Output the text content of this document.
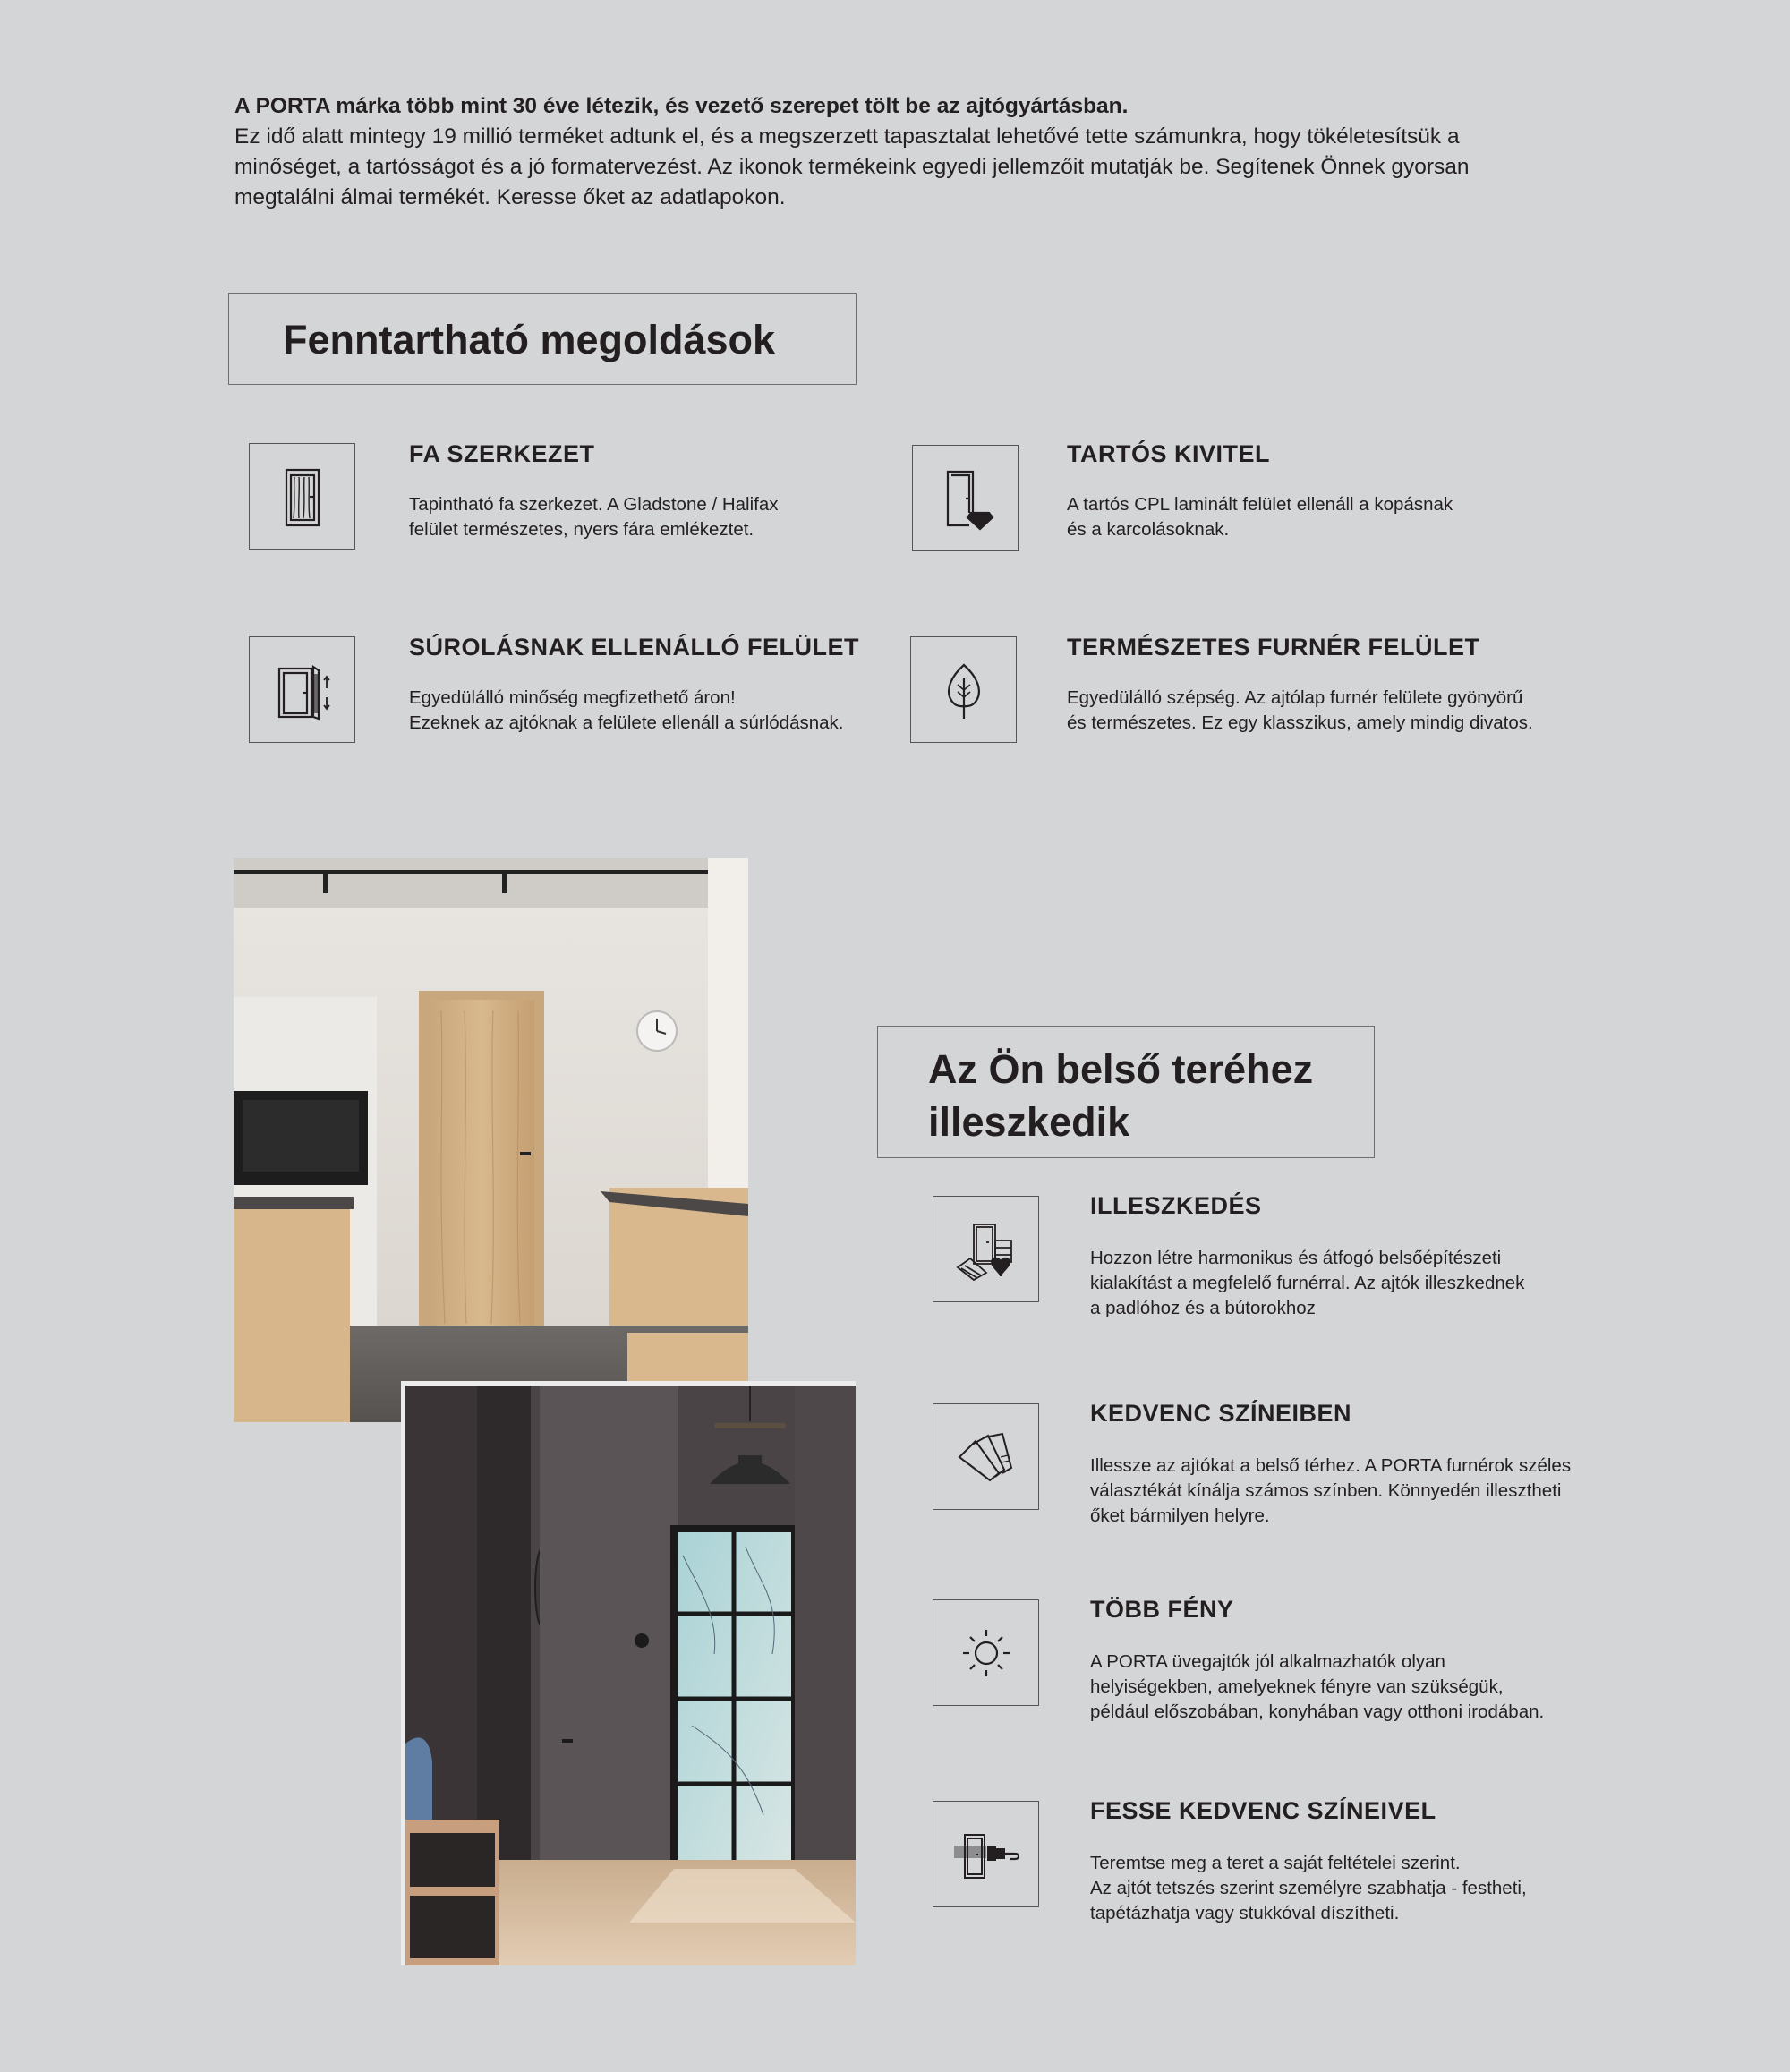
A PORTA márka több mint 30 éve létezik, és vezető szerepet tölt be az ajtógyártásban.
Ez idő alatt mintegy 19 millió terméket adtunk el, és a megszerzett tapasztalat lehetővé tette számunkra, hogy tökéletesítsük a minőséget, a tartósságot és a jó formatervezést. Az ikonok termékeink egyedi jellemzőit mutatják be. Segítenek Önnek gyorsan megtalálni álmai termékét. Keresse őket az adatlapokon.
Fenntartható megoldások
FA SZERKEZET
Tapintható fa szerkezet. A Gladstone / Halifax
felület természetes, nyers fára emlékeztet.
TARTÓS KIVITEL
A tartós CPL laminált felület ellenáll a kopásnak
és a karcolásoknak.
SÚROLÁSNAK ELLENÁLLÓ FELÜLET
Egyedülálló minőség megfizethető áron!
Ezeknek az ajtóknak a felülete ellenáll a súrlódásnak.
TERMÉSZETES FURNÉR FELÜLET
Egyedülálló szépség. Az ajtólap furnér felülete gyönyörű
és természetes. Ez egy klasszikus, amely mindig divatos.
Az Ön belső teréhez
illeszkedik
ILLESZKEDÉS
Hozzon létre harmonikus és átfogó belsőépítészeti
kialakítást a megfelelő furnérral. Az ajtók illeszkednek
a padlóhoz és a bútorokhoz
KEDVENC SZÍNEIBEN
Illessze az ajtókat a belső térhez. A PORTA furnérok széles
választékát kínálja számos színben. Könnyedén illesztheti
őket bármilyen helyre.
TÖBB FÉNY
A PORTA üvegajtók jól alkalmazhatók olyan
helyiségekben, amelyeknek fényre van szükségük,
például előszobában, konyhában vagy otthoni irodában.
FESSE KEDVENC SZÍNEIVEL
Teremtse meg a teret a saját feltételei szerint.
Az ajtót tetszés szerint személyre szabhatja - festheti,
tapétázhatja vagy stukkóval díszítheti.
